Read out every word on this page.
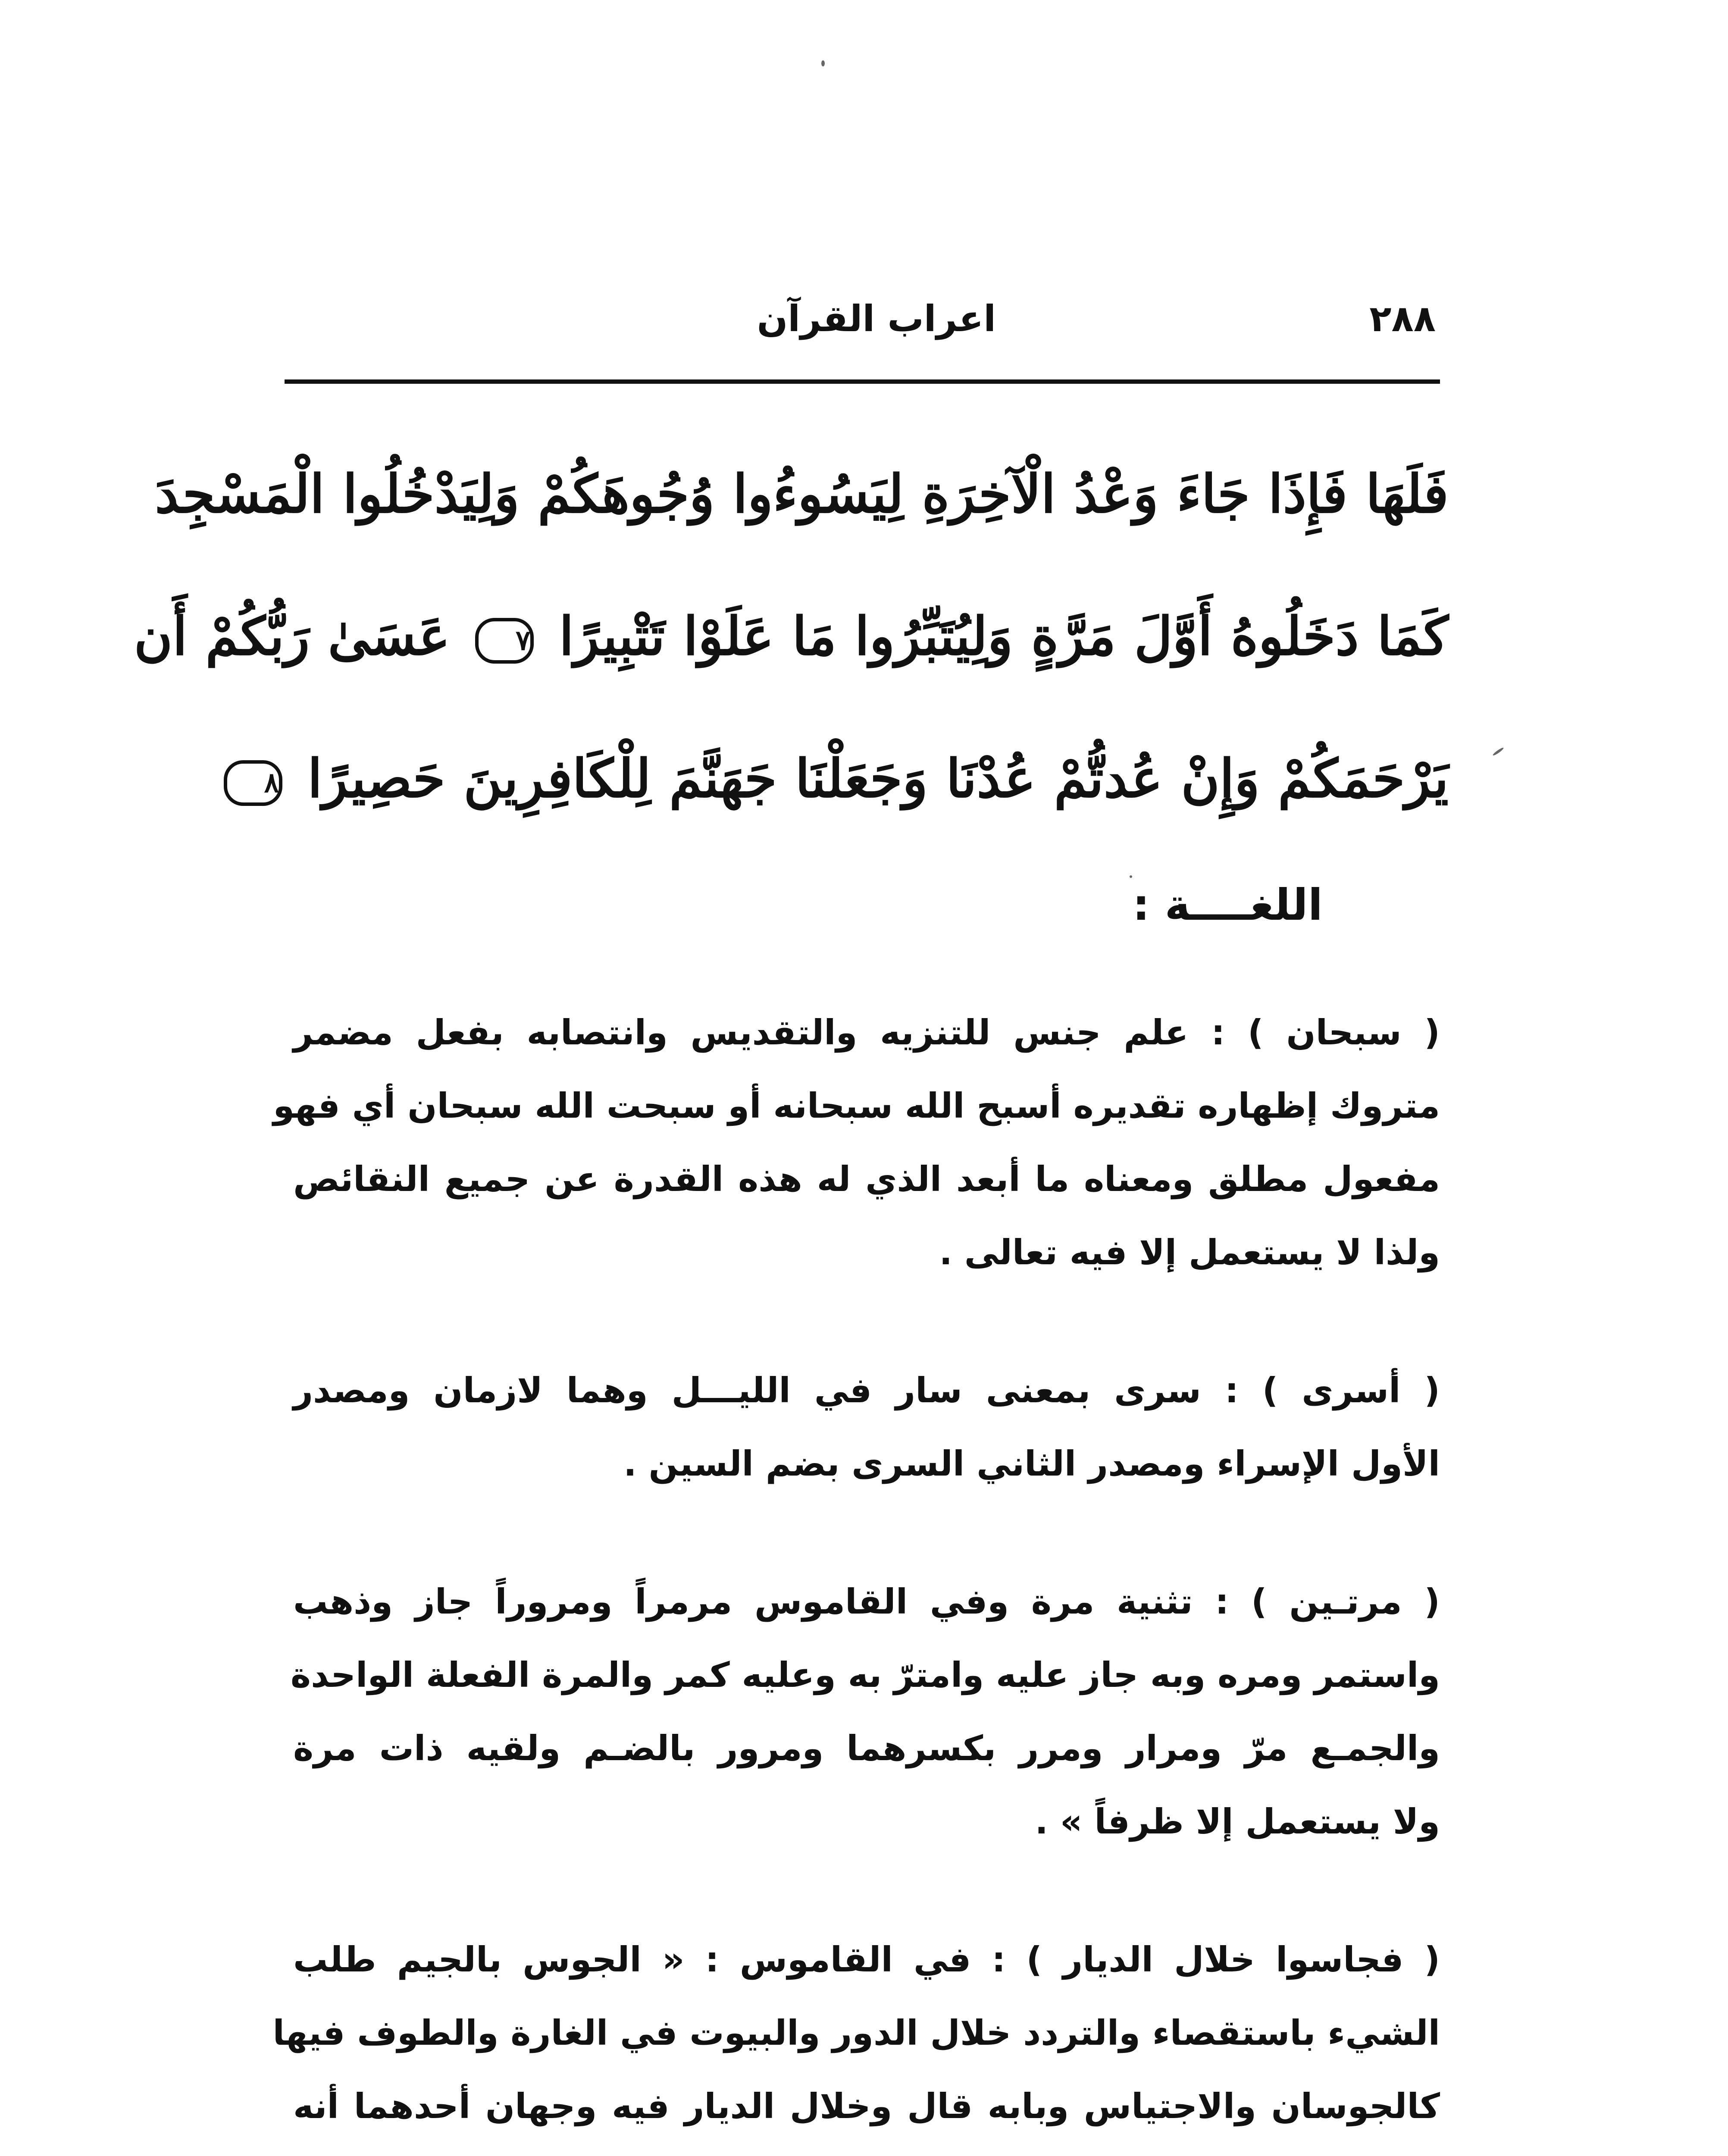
٢٨٨
اعراب القرآن
فَلَهَا فَإِذَا جَاءَ وَعْدُ الْآخِرَةِ لِيَسُوءُوا وُجُوهَكُمْ وَلِيَدْخُلُوا الْمَسْجِدَ
كَمَا دَخَلُوهُ أَوَّلَ مَرَّةٍ وَلِيُتَبِّرُوا مَا عَلَوْا تَتْبِيرًا ٧ عَسَىٰ رَبُّكُمْ أَن
يَرْحَمَكُمْ وَإِنْ عُدتُّمْ عُدْنَا وَجَعَلْنَا جَهَنَّمَ لِلْكَافِرِينَ حَصِيرًا ٨
اللغــــة :
( سبحان ) : علم جنس للتنزيه والتقديس وانتصابه بفعل مضمر
متروك إظهاره تقديره أسبح الله سبحانه أو سبحت الله سبحان أي فهو
مفعول مطلق ومعناه ما أبعد الذي له هذه القدرة عن جميع النقائص
ولذا لا يستعمل إلا فيه تعالى .
( أسرى ) : سرى بمعنى سار في الليـــل وهما لازمان ومصدر
الأول الإسراء ومصدر الثاني السرى بضم السين .
( مرتـين ) : تثنية مرة وفي القاموس مرمراً ومروراً جاز وذهب
واستمر ومره وبه جاز عليه وامترّ به وعليه كمر والمرة الفعلة الواحدة
والجمـع مرّ ومرار ومرر بكسرهما ومرور بالضـم ولقيه ذات مرة
ولا يستعمل إلا ظرفاً » .
( فجاسوا خلال الديار ) : في القاموس : « الجوس بالجيم طلب
الشيء باستقصاء والتردد خلال الدور والبيوت في الغارة والطوف فيها
كالجوسان والاجتياس وبابه قال وخلال الديار فيه وجهان أحدهما أنه
